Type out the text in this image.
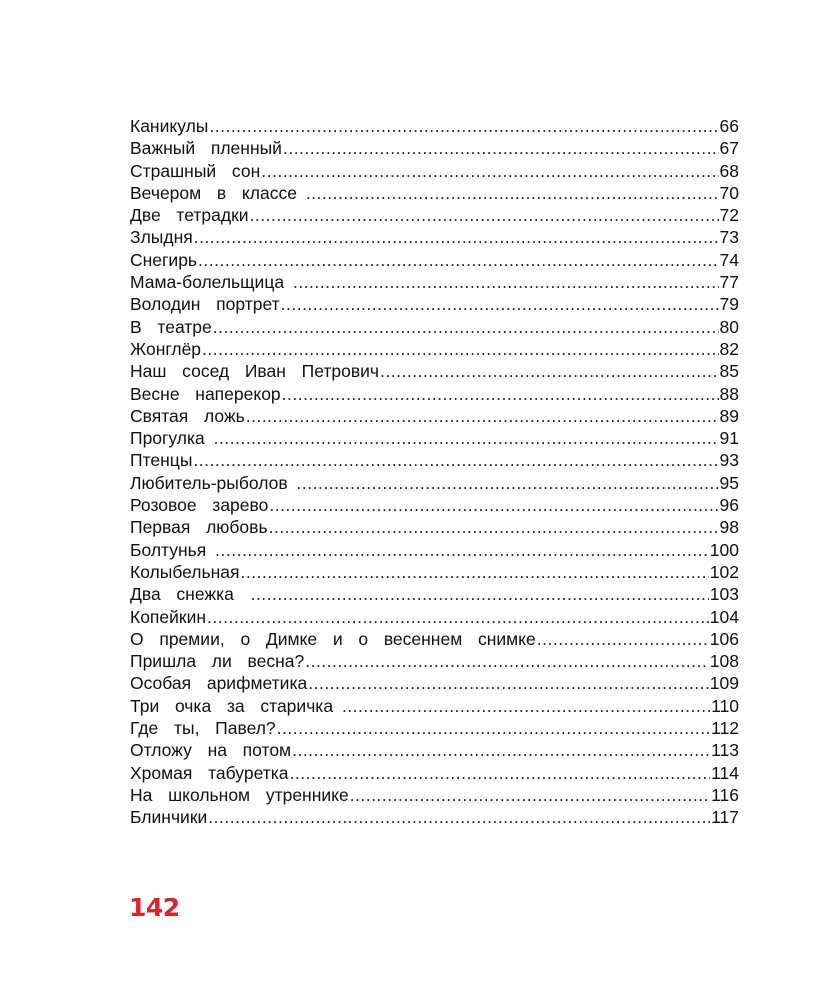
Каникулы .....	66
Важный  пленный .....	67
Страшный  сон .....	68
Вечером  в  классе .....	70
Две  тетрадки .....	72
Злыдня .....	73
Снегирь .....	74
Мама-болельщица .....	77
Володин  портрет .....	79
В  театре .....	80
Жонглёр .....	82
Наш  сосед  Иван  Петрович .....	85
Весне  наперекор .....	88
Святая  ложь .....	89
Прогулка .....	91
Птенцы .....	93
Любитель-рыболов .....	95
Розовое  зарево .....	96
Первая  любовь .....	98
Болтунья .....	100
Колыбельная .....	102
Два  снежка .....	103
Копейкин .....	104
О  премии,  о  Димке  и  о  весеннем  снимке .....	106
Пришла  ли  весна? .....	108
Особая  арифметика .....	109
Три  очка  за  старичка .....	110
Где  ты,  Павел? .....	112
Отложу  на  потом .....	113
Хромая  табуретка .....	114
На  школьном  утреннике .....	116
Блинчики .....	117
142
